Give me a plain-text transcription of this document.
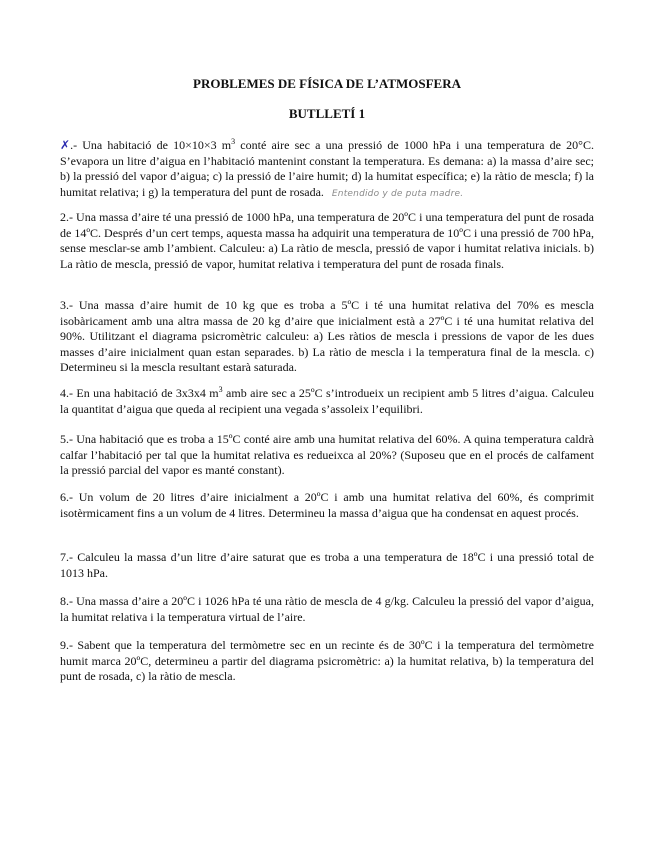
PROBLEMES DE FÍSICA DE L’ATMOSFERA
BUTLLETÍ 1

✗.- Una habitació de 10×10×3 $m^3$ conté aire sec a una pressió de 1000 hPa i una temperatura de 20°C. S’evapora un litre d’aigua en l’habitació mantenint constant la temperatura. Es demana: a) la massa d’aire sec; b) la pressió del vapor d’aigua; c) la pressió de l’aire humit; d) la humitat específica; e) la ràtio de mescla; f) la humitat relativa; i g) la temperatura del punt de rosada. Entendido y de puta madre.

2.- Una massa d’aire té una pressió de 1000 hPa, una temperatura de 20ºC i una temperatura del punt de rosada de 14ºC. Després d’un cert temps, aquesta massa ha adquirit una temperatura de 10ºC i una pressió de 700 hPa, sense mesclar-se amb l’ambient. Calculeu: a) La ràtio de mescla, pressió de vapor i humitat relativa inicials. b) La ràtio de mescla, pressió de vapor, humitat relativa i temperatura del punt de rosada finals.

3.- Una massa d’aire humit de 10 kg que es troba a 5ºC i té una humitat relativa del 70% es mescla isobàricament amb una altra massa de 20 kg d’aire que inicialment està a 27ºC i té una humitat relativa del 90%. Utilitzant el diagrama psicromètric calculeu: a) Les ràtios de mescla i pressions de vapor de les dues masses d’aire inicialment quan estan separades. b) La ràtio de mescla i la temperatura final de la mescla. c) Determineu si la mescla resultant estarà saturada.

4.- En una habitació de 3x3x4 $m^3$ amb aire sec a 25ºC s’introdueix un recipient amb 5 litres d’aigua. Calculeu la quantitat d’aigua que queda al recipient una vegada s’assoleix l’equilibri.

5.- Una habitació que es troba a 15ºC conté aire amb una humitat relativa del 60%. A quina temperatura caldrà calfar l’habitació per tal que la humitat relativa es redueixca al 20%? (Suposeu que en el procés de calfament la pressió parcial del vapor es manté constant).

6.- Un volum de 20 litres d’aire inicialment a 20ºC i amb una humitat relativa del 60%, és comprimit isotèrmicament fins a un volum de 4 litres. Determineu la massa d’aigua que ha condensat en aquest procés.

7.- Calculeu la massa d’un litre d’aire saturat que es troba a una temperatura de 18ºC i una pressió total de 1013 hPa.

8.- Una massa d’aire a 20ºC i 1026 hPa té una ràtio de mescla de 4 g/kg. Calculeu la pressió del vapor d’aigua, la humitat relativa i la temperatura virtual de l’aire.

9.- Sabent que la temperatura del termòmetre sec en un recinte és de 30ºC i la temperatura del termòmetre humit marca 20ºC, determineu a partir del diagrama psicromètric: a) la humitat relativa, b) la temperatura del punt de rosada, c) la ràtio de mescla.
